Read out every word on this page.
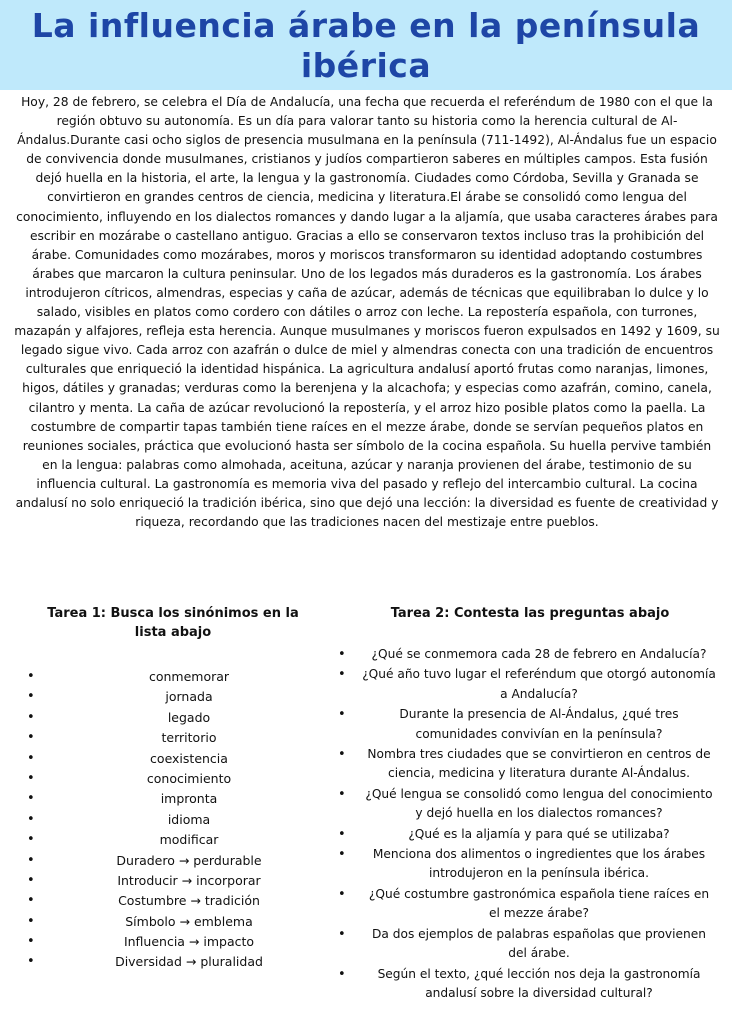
La influencia árabe en la península ibérica

Hoy, 28 de febrero, se celebra el Día de Andalucía, una fecha que recuerda el referéndum de 1980 con el que la región obtuvo su autonomía. Es un día para valorar tanto su historia como la herencia cultural de Al-Ándalus.Durante casi ocho siglos de presencia musulmana en la península (711-1492), Al-Ándalus fue un espacio de convivencia donde musulmanes, cristianos y judíos compartieron saberes en múltiples campos. Esta fusión dejó huella en la historia, el arte, la lengua y la gastronomía. Ciudades como Córdoba, Sevilla y Granada se convirtieron en grandes centros de ciencia, medicina y literatura.El árabe se consolidó como lengua del conocimiento, influyendo en los dialectos romances y dando lugar a la aljamía, que usaba caracteres árabes para escribir en mozárabe o castellano antiguo. Gracias a ello se conservaron textos incluso tras la prohibición del árabe. Comunidades como mozárabes, moros y moriscos transformaron su identidad adoptando costumbres árabes que marcaron la cultura peninsular. Uno de los legados más duraderos es la gastronomía. Los árabes introdujeron cítricos, almendras, especias y caña de azúcar, además de técnicas que equilibraban lo dulce y lo salado, visibles en platos como cordero con dátiles o arroz con leche. La repostería española, con turrones, mazapán y alfajores, refleja esta herencia. Aunque musulmanes y moriscos fueron expulsados en 1492 y 1609, su legado sigue vivo. Cada arroz con azafrán o dulce de miel y almendras conecta con una tradición de encuentros culturales que enriqueció la identidad hispánica. La agricultura andalusí aportó frutas como naranjas, limones, higos, dátiles y granadas; verduras como la berenjena y la alcachofa; y especias como azafrán, comino, canela, cilantro y menta. La caña de azúcar revolucionó la repostería, y el arroz hizo posible platos como la paella. La costumbre de compartir tapas también tiene raíces en el mezze árabe, donde se servían pequeños platos en reuniones sociales, práctica que evolucionó hasta ser símbolo de la cocina española. Su huella pervive también en la lengua: palabras como almohada, aceituna, azúcar y naranja provienen del árabe, testimonio de su influencia cultural. La gastronomía es memoria viva del pasado y reflejo del intercambio cultural. La cocina andalusí no solo enriqueció la tradición ibérica, sino que dejó una lección: la diversidad es fuente de creatividad y riqueza, recordando que las tradiciones nacen del mestizaje entre pueblos.

Tarea 1: Busca los sinónimos en la lista abajo

• conmemorar
• jornada
• legado
• territorio
• coexistencia
• conocimiento
• impronta
• idioma
• modificar
• Duradero → perdurable
• Introducir → incorporar
• Costumbre → tradición
• Símbolo → emblema
• Influencia → impacto
• Diversidad → pluralidad

Tarea 2: Contesta las preguntas abajo

• ¿Qué se conmemora cada 28 de febrero en Andalucía?
• ¿Qué año tuvo lugar el referéndum que otorgó autonomía a Andalucía?
• Durante la presencia de Al-Ándalus, ¿qué tres comunidades convivían en la península?
• Nombra tres ciudades que se convirtieron en centros de ciencia, medicina y literatura durante Al-Ándalus.
• ¿Qué lengua se consolidó como lengua del conocimiento y dejó huella en los dialectos romances?
• ¿Qué es la aljamía y para qué se utilizaba?
• Menciona dos alimentos o ingredientes que los árabes introdujeron en la península ibérica.
• ¿Qué costumbre gastronómica española tiene raíces en el mezze árabe?
• Da dos ejemplos de palabras españolas que provienen del árabe.
• Según el texto, ¿qué lección nos deja la gastronomía andalusí sobre la diversidad cultural?
